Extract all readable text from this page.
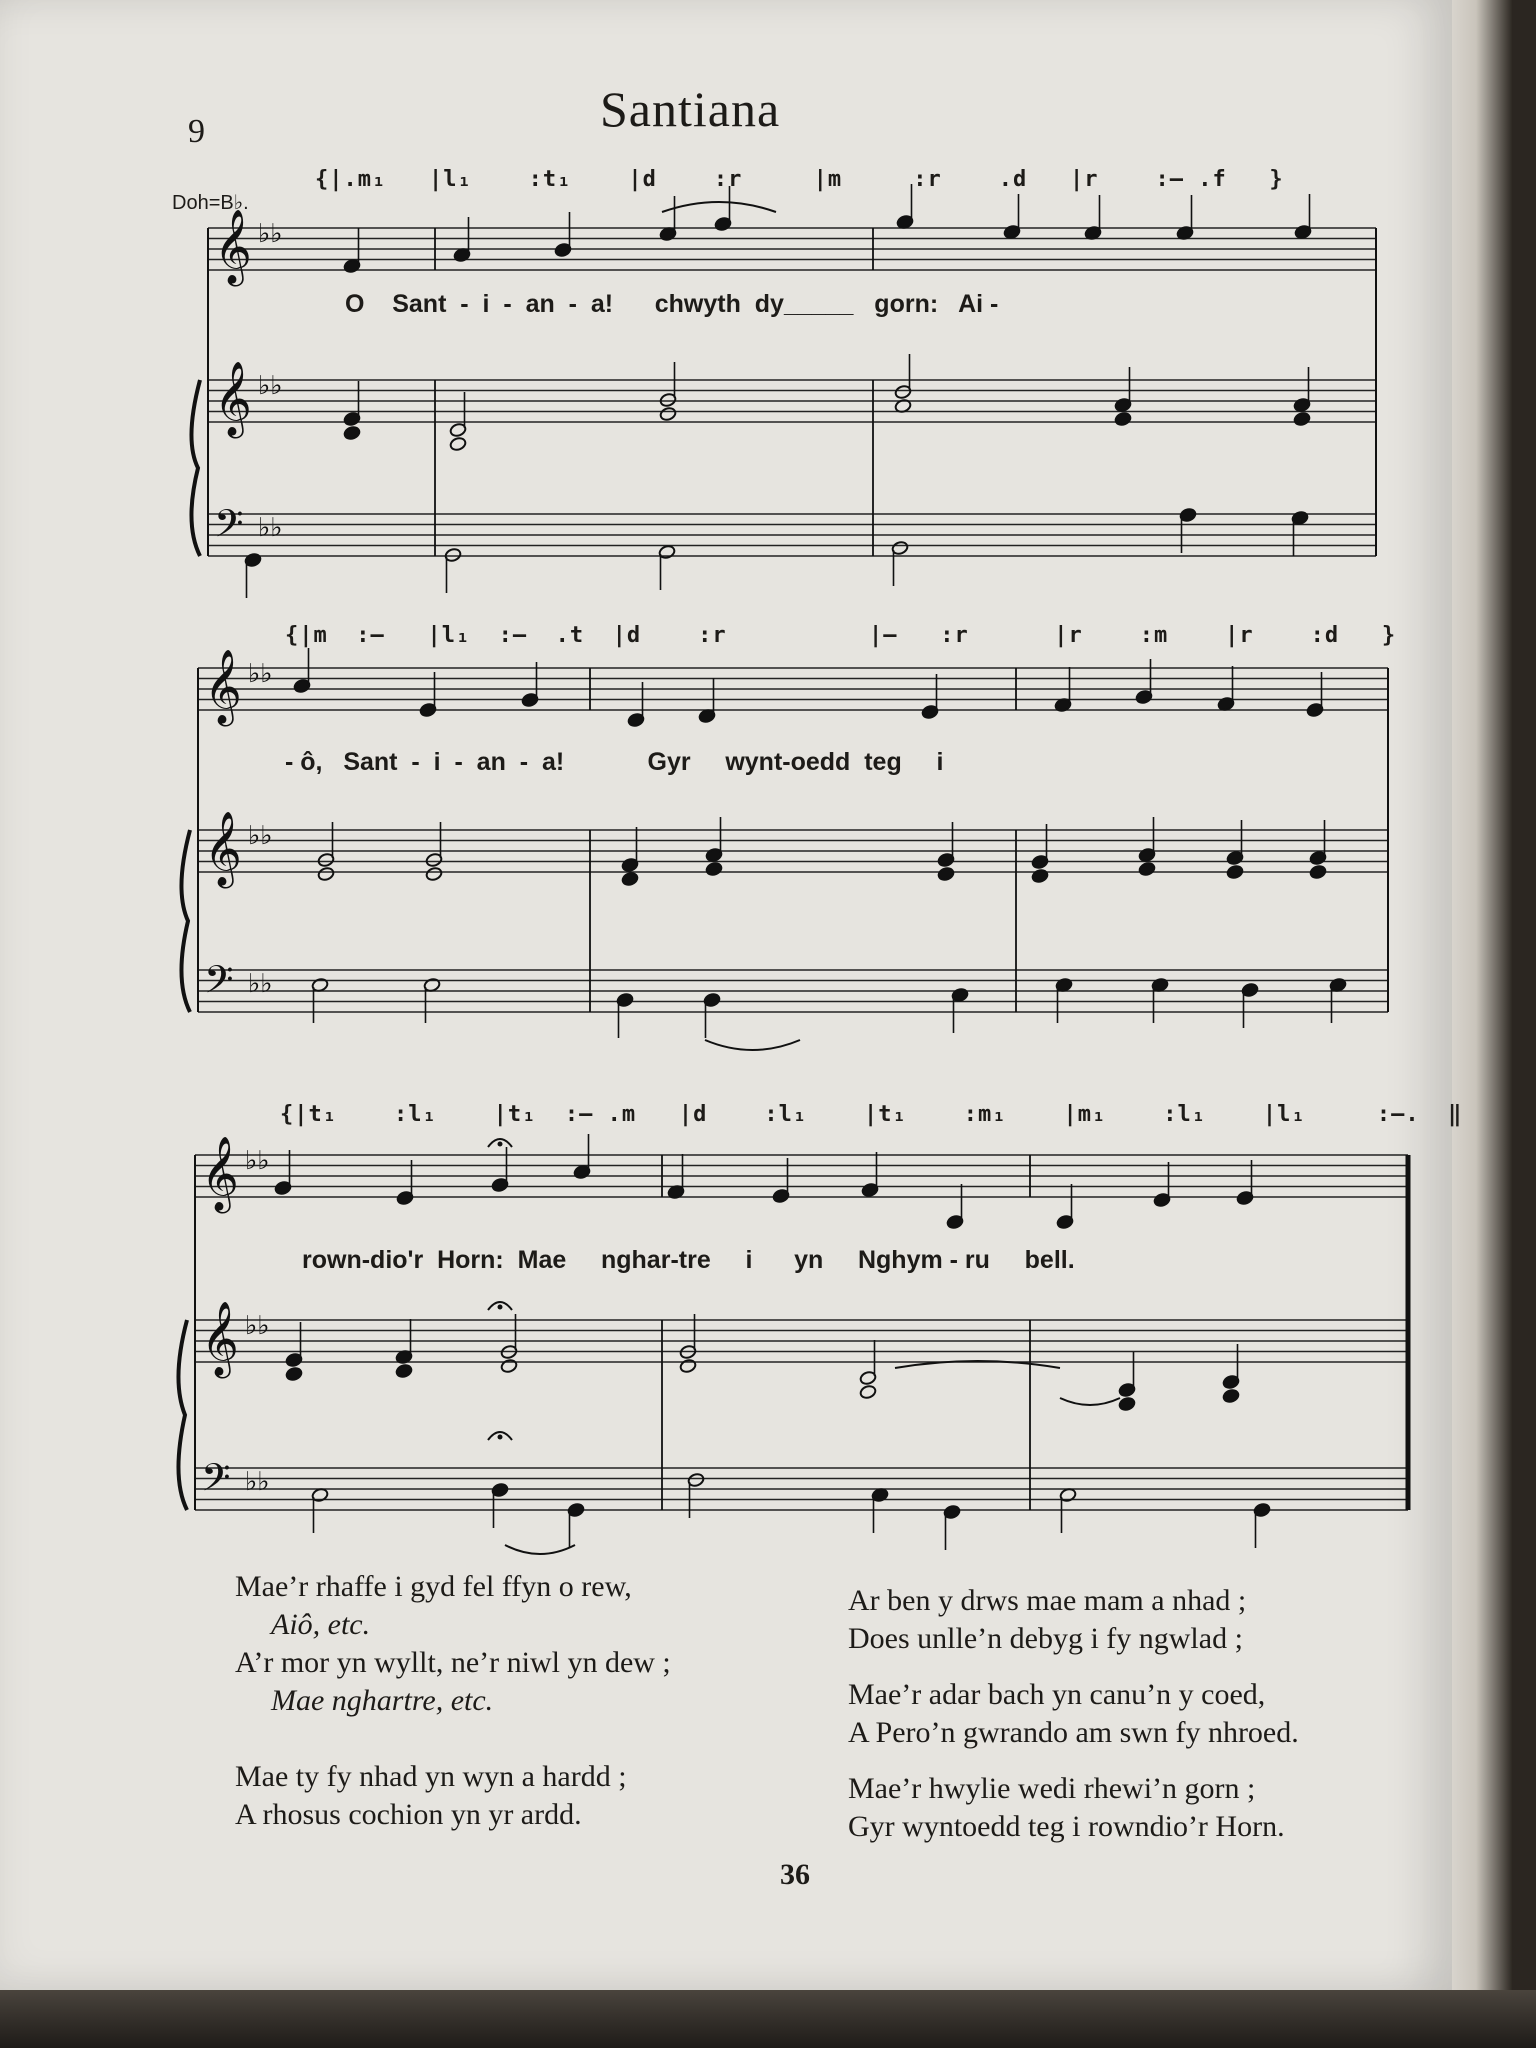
9	Santiana
Doh=B♭.
{|.m₁   |l₁    :t₁    |d    :r     |m     :r    .d   |r    :– .f   }
O    Sant  -  i  -  an  -  a!      chwyth  dy_____   gorn:   Ai -
{|m  :–   |l₁  :–  .t  |d    :r          |–   :r      |r    :m    |r    :d   }
- ô,   Sant  -  i  -  an  -  a!            Gyr     wynt-oedd  teg     i
{|t₁    :l₁    |t₁  :– .m   |d    :l₁    |t₁    :m₁    |m₁    :l₁    |l₁     :–.  ‖
rown-dio'r  Horn:  Mae     nghar-tre     i      yn     Nghym - ru     bell.
𝄞 ♭♭
𝄞 ♭♭
𝄢 ♭♭
𝄞 ♭♭
𝄞 ♭♭
𝄢 ♭♭
𝄞 ♭♭
𝄞 ♭♭
𝄢 ♭♭
Mae’r rhaffe i gyd fel ffyn o rew,
Aiô, etc.
A’r mor yn wyllt, ne’r niwl yn dew ;
Mae nghartre, etc.
Mae ty fy nhad yn wyn a hardd ;
A rhosus cochion yn yr ardd.
Ar ben y drws mae mam a nhad ;
Does unlle’n debyg i fy ngwlad ;
Mae’r adar bach yn canu’n y coed,
A Pero’n gwrando am swn fy nhroed.
Mae’r hwylie wedi rhewi’n gorn ;
Gyr wyntoedd teg i rowndio’r Horn.
36
